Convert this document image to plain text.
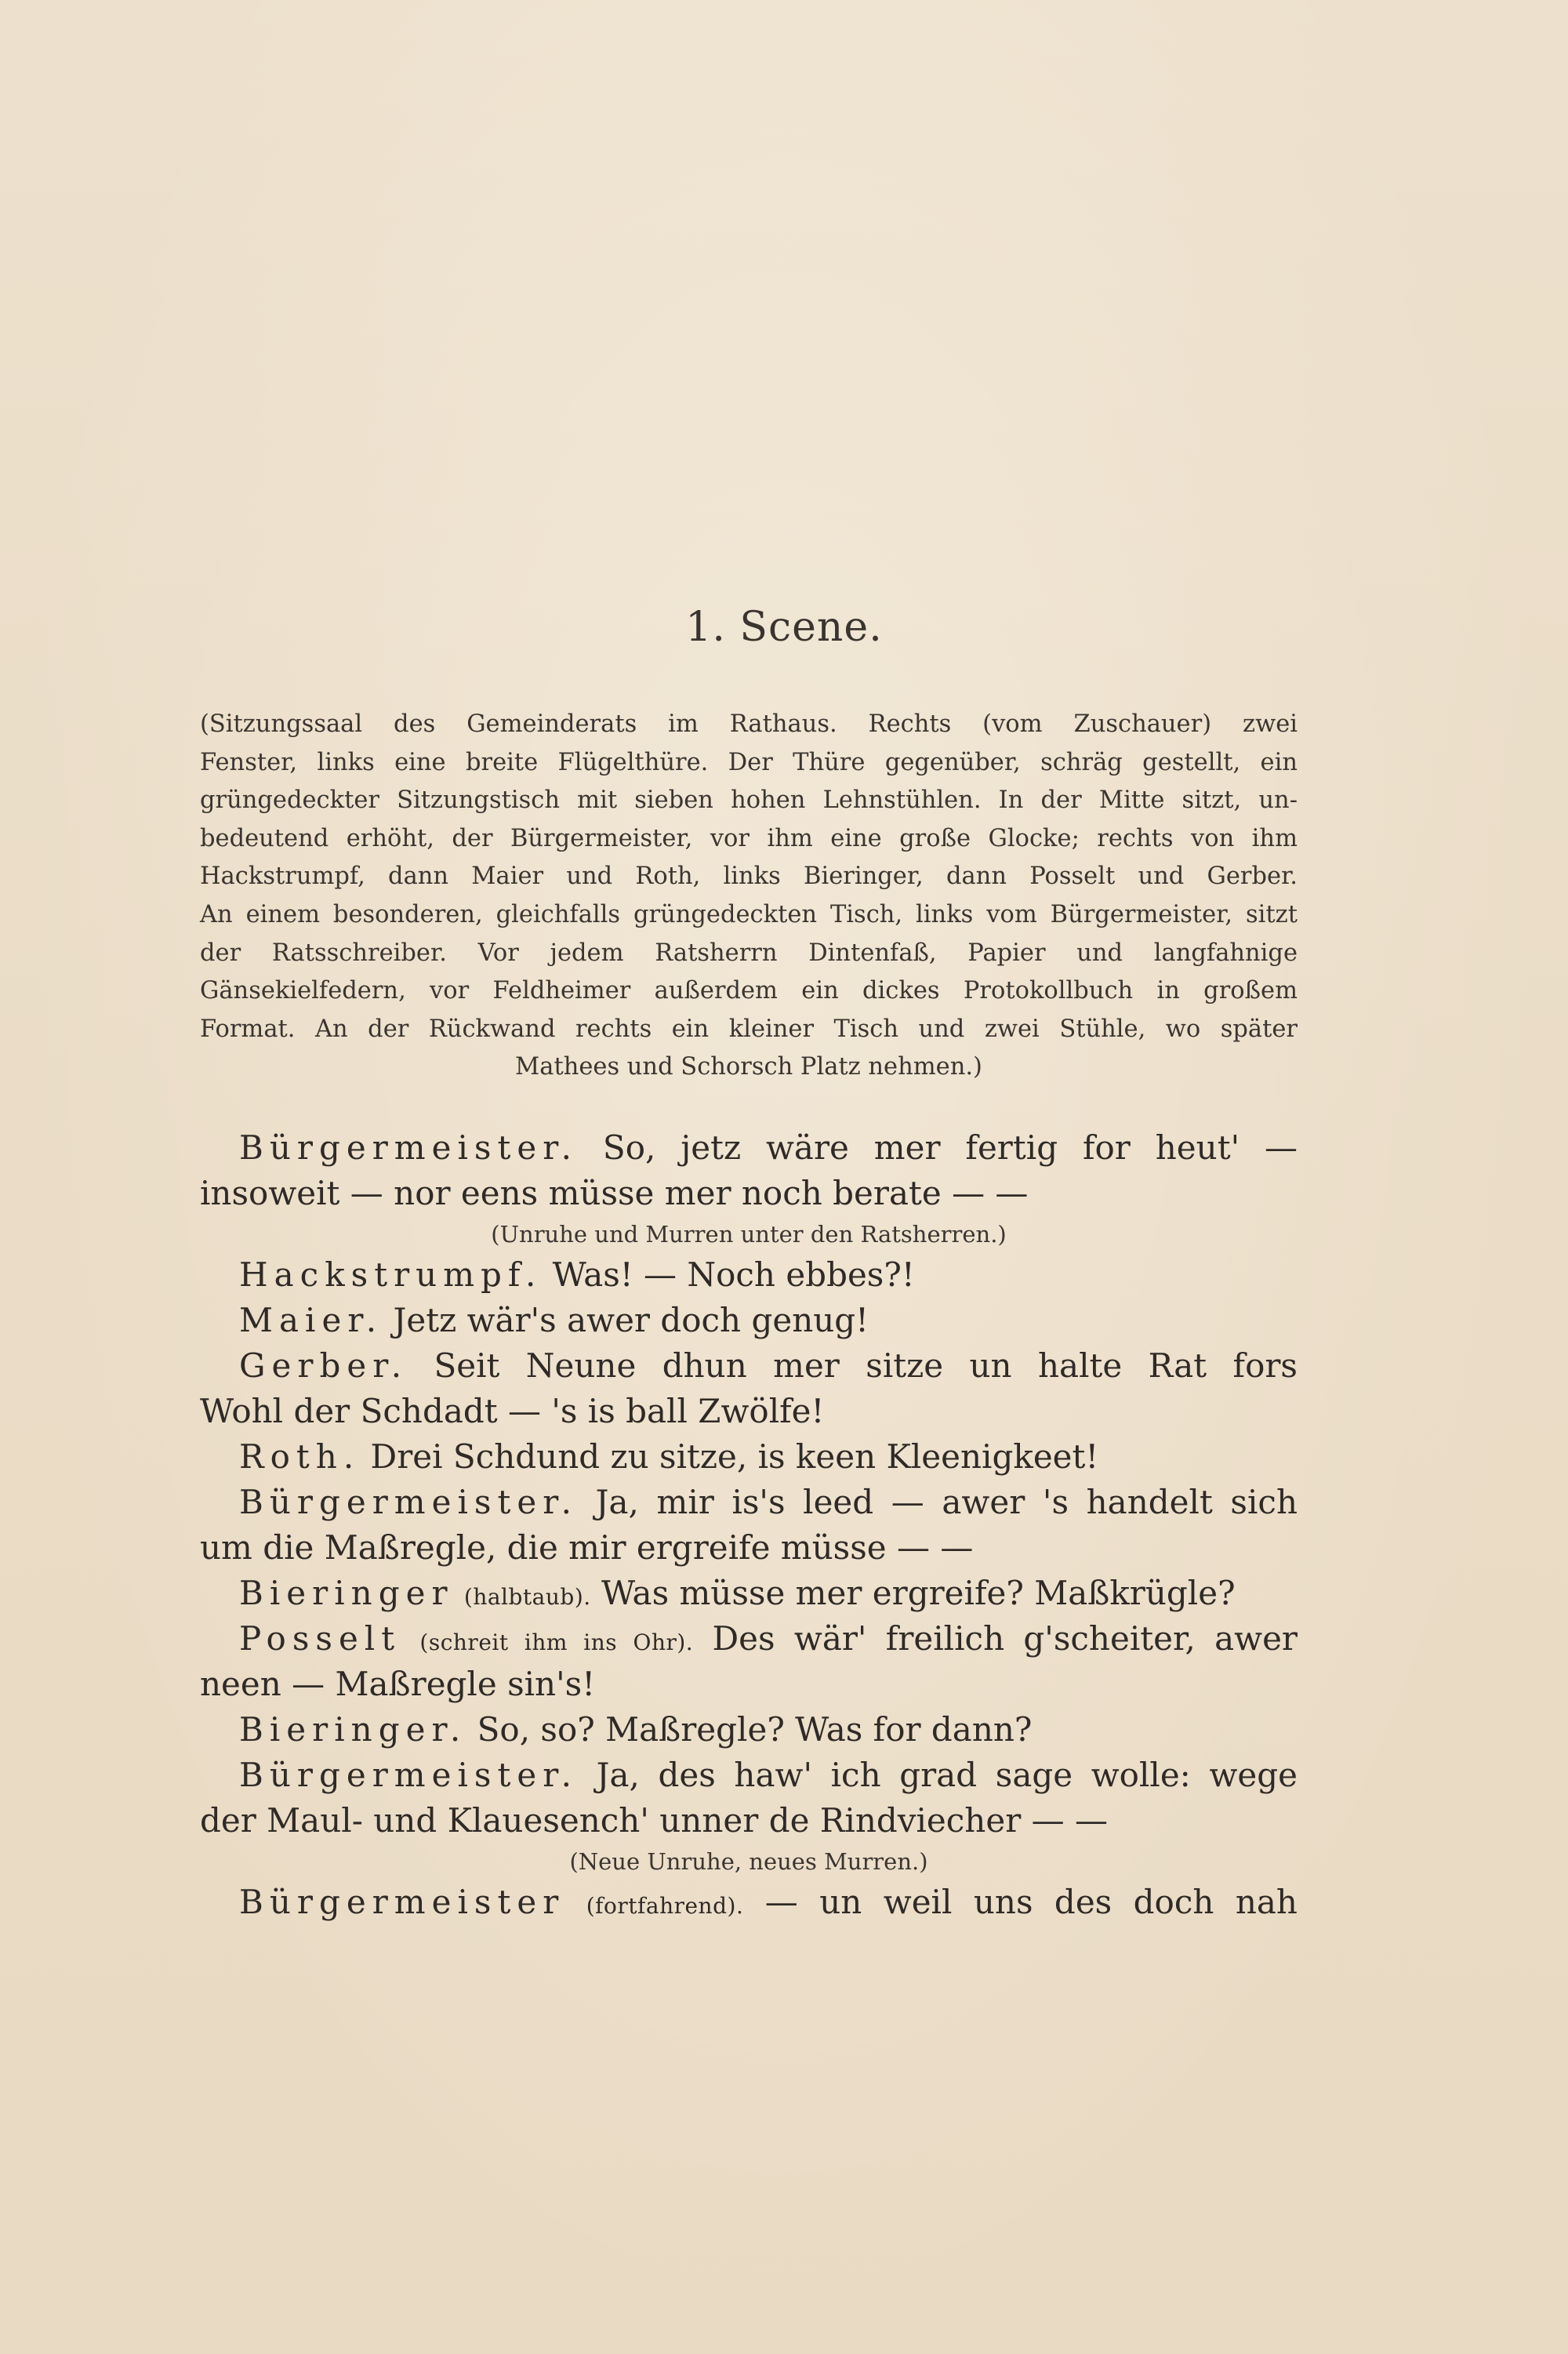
1. Scene.
(Sitzungssaal des Gemeinderats im Rathaus. Rechts (vom Zuschauer) zwei
Fenster, links eine breite Flügelthüre. Der Thüre gegenüber, schräg gestellt, ein
grüngedeckter Sitzungstisch mit sieben hohen Lehnstühlen. In der Mitte sitzt, un-
bedeutend erhöht, der Bürgermeister, vor ihm eine große Glocke; rechts von ihm
Hackstrumpf, dann Maier und Roth, links Bieringer, dann Posselt und Gerber.
An einem besonderen, gleichfalls grüngedeckten Tisch, links vom Bürgermeister, sitzt
der Ratsschreiber. Vor jedem Ratsherrn Dintenfaß, Papier und langfahnige
Gänsekielfedern, vor Feldheimer außerdem ein dickes Protokollbuch in großem
Format. An der Rückwand rechts ein kleiner Tisch und zwei Stühle, wo später
Mathees und Schorsch Platz nehmen.)
Bürgermeister. So, jetz wäre mer fertig for heut' —
insoweit — nor eens müsse mer noch berate — —
(Unruhe und Murren unter den Ratsherren.)
Hackstrumpf. Was! — Noch ebbes?!
Maier. Jetz wär's awer doch genug!
Gerber. Seit Neune dhun mer sitze un halte Rat fors
Wohl der Schdadt — 's is ball Zwölfe!
Roth. Drei Schdund zu sitze, is keen Kleenigkeet!
Bürgermeister. Ja, mir is's leed — awer 's handelt sich
um die Maßregle, die mir ergreife müsse — —
Bieringer (halbtaub). Was müsse mer ergreife? Maßkrügle?
Posselt (schreit ihm ins Ohr). Des wär' freilich g'scheiter, awer
neen — Maßregle sin's!
Bieringer. So, so? Maßregle? Was for dann?
Bürgermeister. Ja, des haw' ich grad sage wolle: wege
der Maul- und Klauesench' unner de Rindviecher — —
(Neue Unruhe, neues Murren.)
Bürgermeister (fortfahrend). — un weil uns des doch nah
